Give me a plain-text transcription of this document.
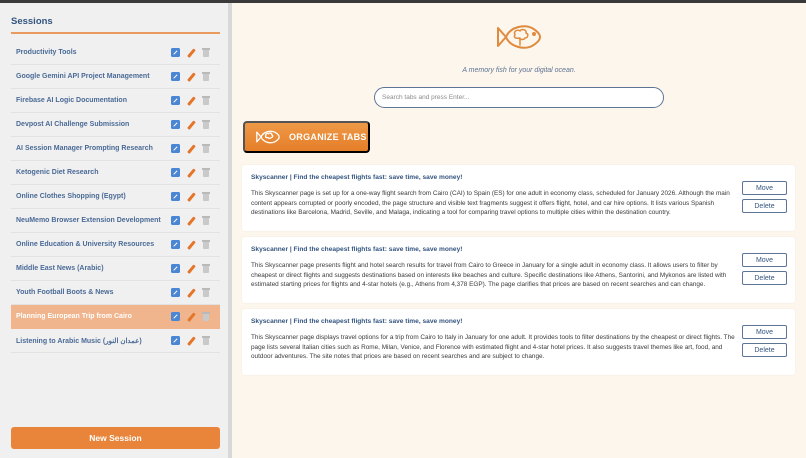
Sessions
Productivity Tools
Google Gemini API Project Management
Firebase AI Logic Documentation
Devpost AI Challenge Submission
AI Session Manager Prompting Research
Ketogenic Diet Research
Online Clothes Shopping (Egypt)
NeuMemo Browser Extension Development
Online Education & University Resources
Middle East News (Arabic)
Youth Football Boots & News
Planning European Trip from Cairo
Listening to Arabic Music (عمدان النور)
New Session
A memory fish for your digital ocean.
Search tabs and press Enter...
ORGANIZE TABS
Skyscanner | Find the cheapest flights fast: save time, save money!
This Skyscanner page is set up for a one-way flight search from Cairo (CAI) to Spain (ES) for one adult in economy class, scheduled for January 2026. Although the main content appears corrupted or poorly encoded, the page structure and visible text fragments suggest it offers flight, hotel, and car hire options. It lists various Spanish destinations like Barcelona, Madrid, Seville, and Malaga, indicating a tool for comparing travel options to multiple cities within the destination country.
Move
Delete
Skyscanner | Find the cheapest flights fast: save time, save money!
This Skyscanner page presents flight and hotel search results for travel from Cairo to Greece in January for a single adult in economy class. It allows users to filter by cheapest or direct flights and suggests destinations based on interests like beaches and culture. Specific destinations like Athens, Santorini, and Mykonos are listed with estimated starting prices for flights and 4-star hotels (e.g., Athens from 4,378 EGP). The page clarifies that prices are based on recent searches and can change.
Move
Delete
Skyscanner | Find the cheapest flights fast: save time, save money!
This Skyscanner page displays travel options for a trip from Cairo to Italy in January for one adult. It provides tools to filter destinations by the cheapest or direct flights. The page lists several Italian cities such as Rome, Milan, Venice, and Florence with estimated flight and 4-star hotel prices. It also suggests travel themes like art, food, and outdoor adventures. The site notes that prices are based on recent searches and are subject to change.
Move
Delete
